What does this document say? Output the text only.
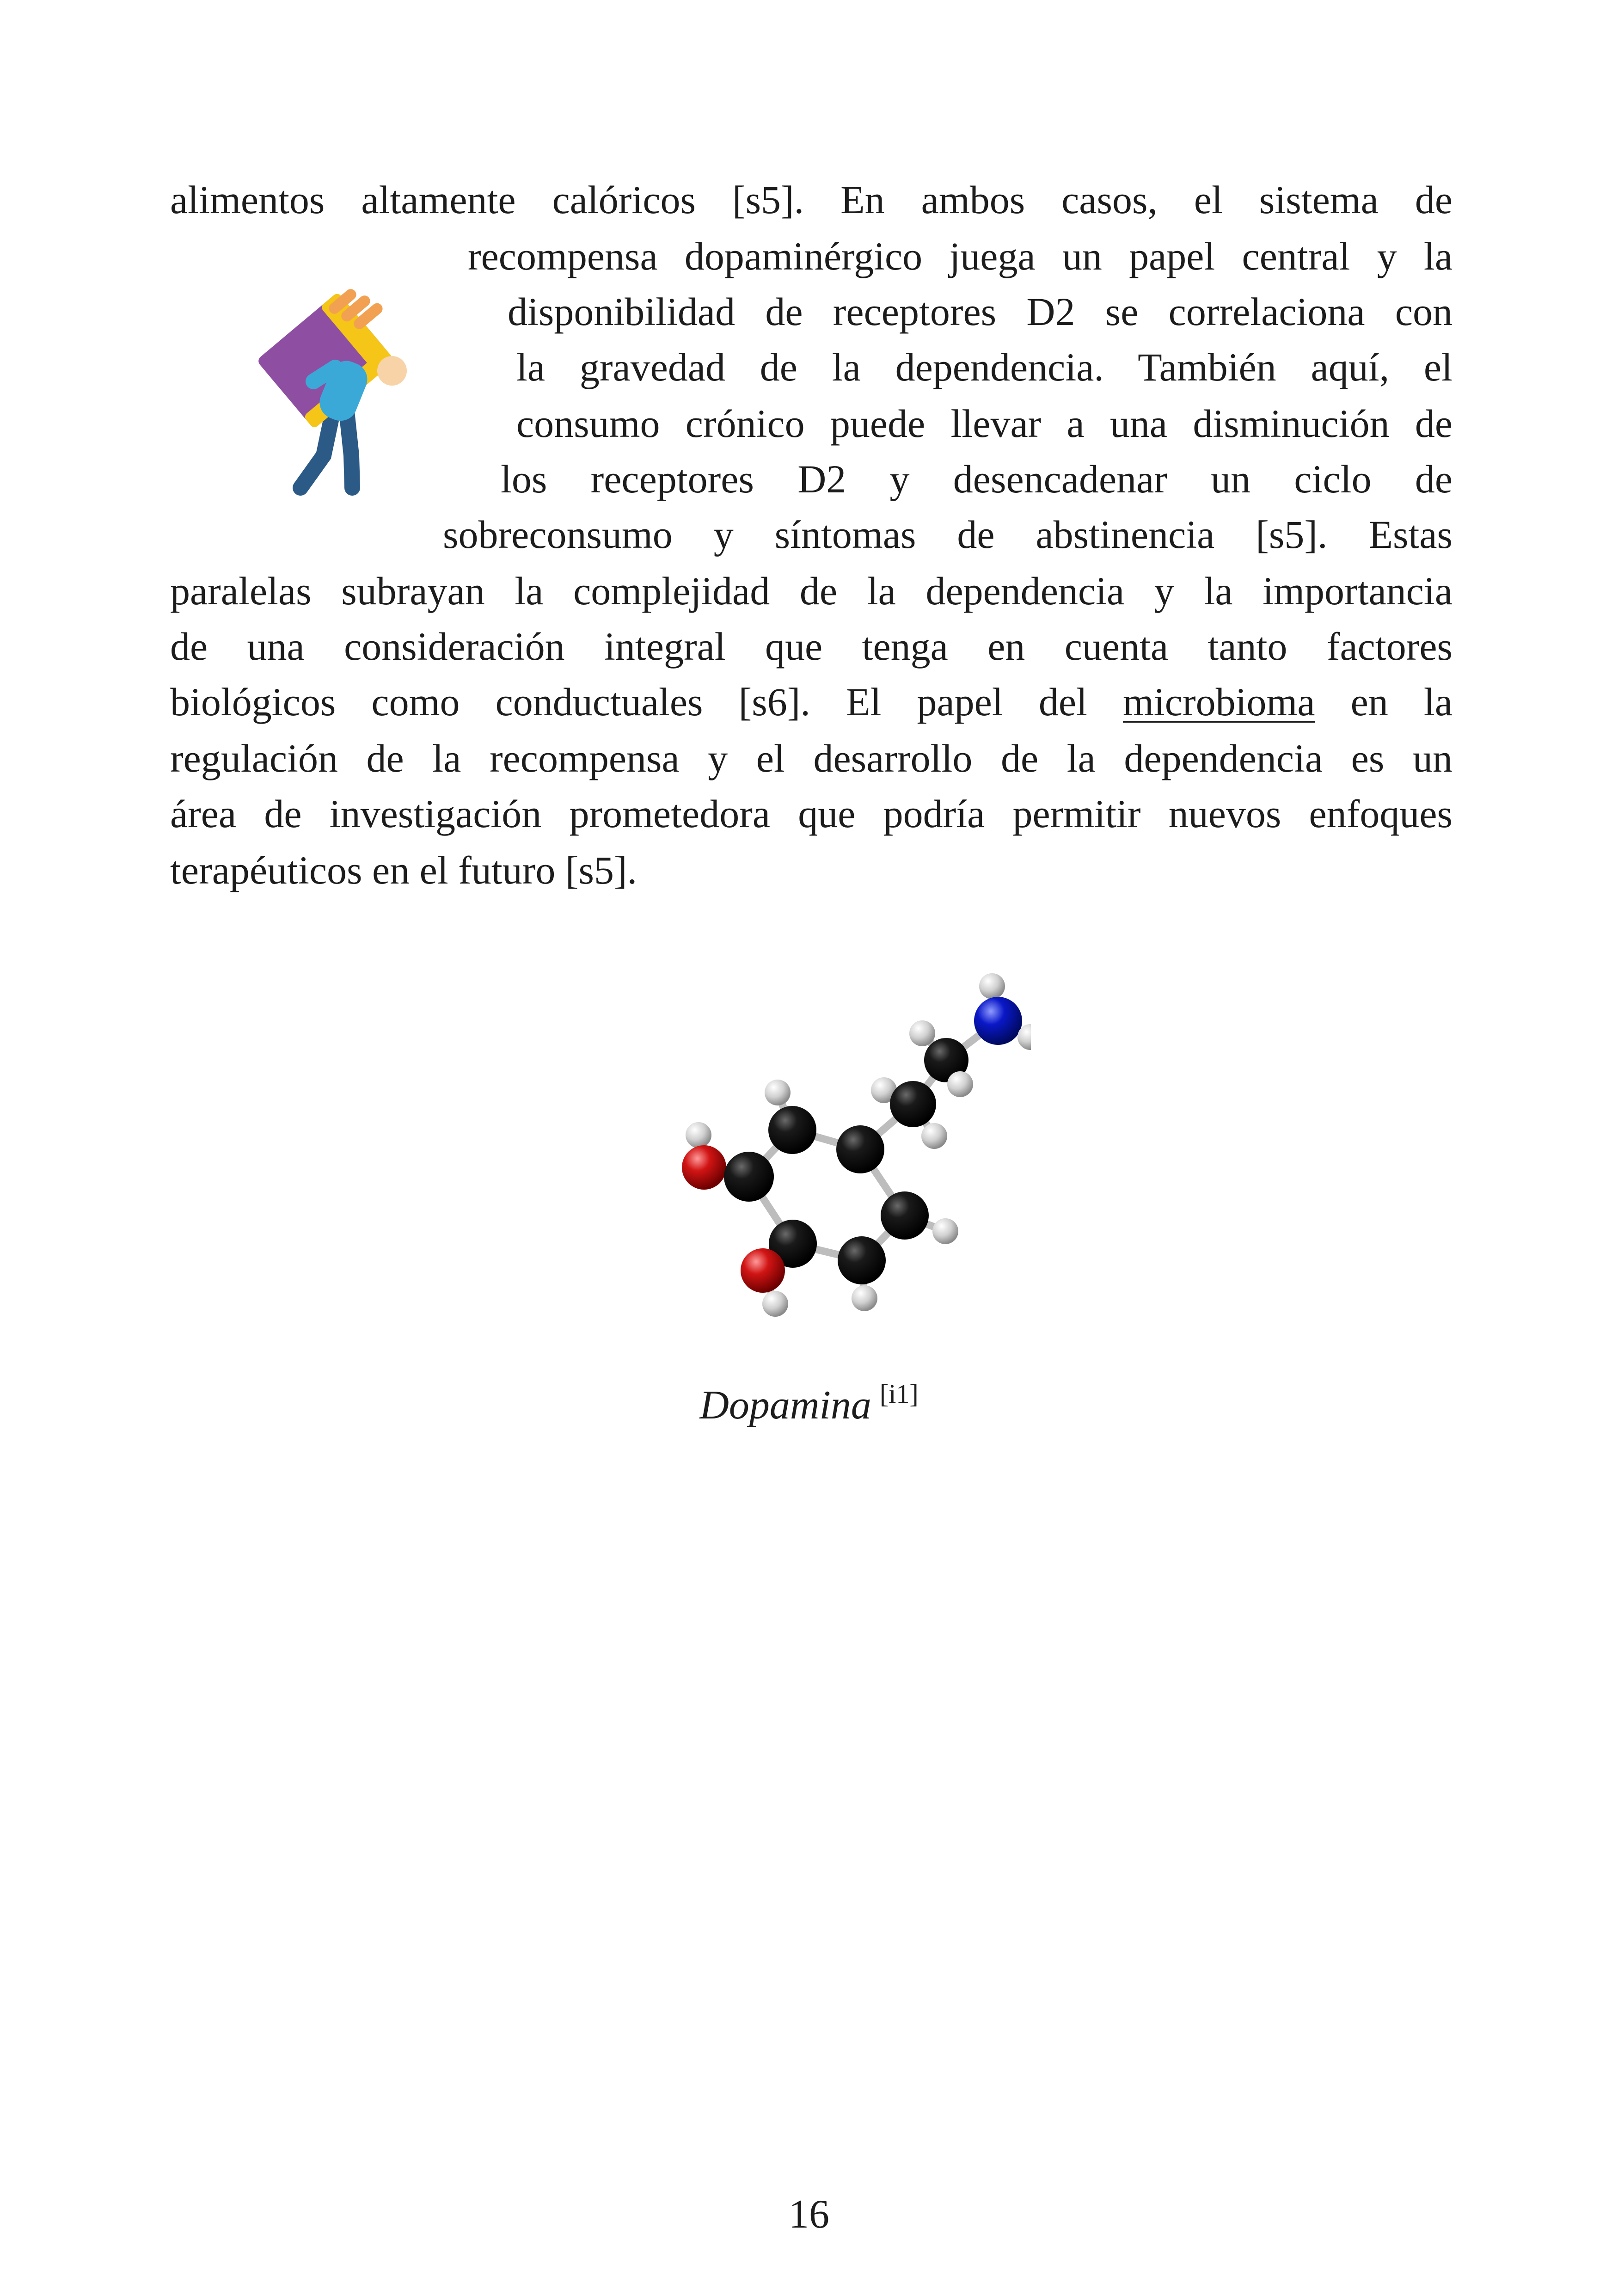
alimentos altamente calóricos [s5]. En ambos casos, el sistema de
recompensa dopaminérgico juega un papel central y la
disponibilidad de receptores D2 se correlaciona con
la gravedad de la dependencia. También aquí, el
consumo crónico puede llevar a una disminución de
los receptores D2 y desencadenar un ciclo de
sobreconsumo y síntomas de abstinencia [s5]. Estas
paralelas subrayan la complejidad de la dependencia y la importancia
de una consideración integral que tenga en cuenta tanto factores
biológicos como conductuales [s6]. El papel del microbioma en la
regulación de la recompensa y el desarrollo de la dependencia es un
área de investigación prometedora que podría permitir nuevos enfoques
terapéuticos en el futuro [s5].
Dopamina [i1]
16
